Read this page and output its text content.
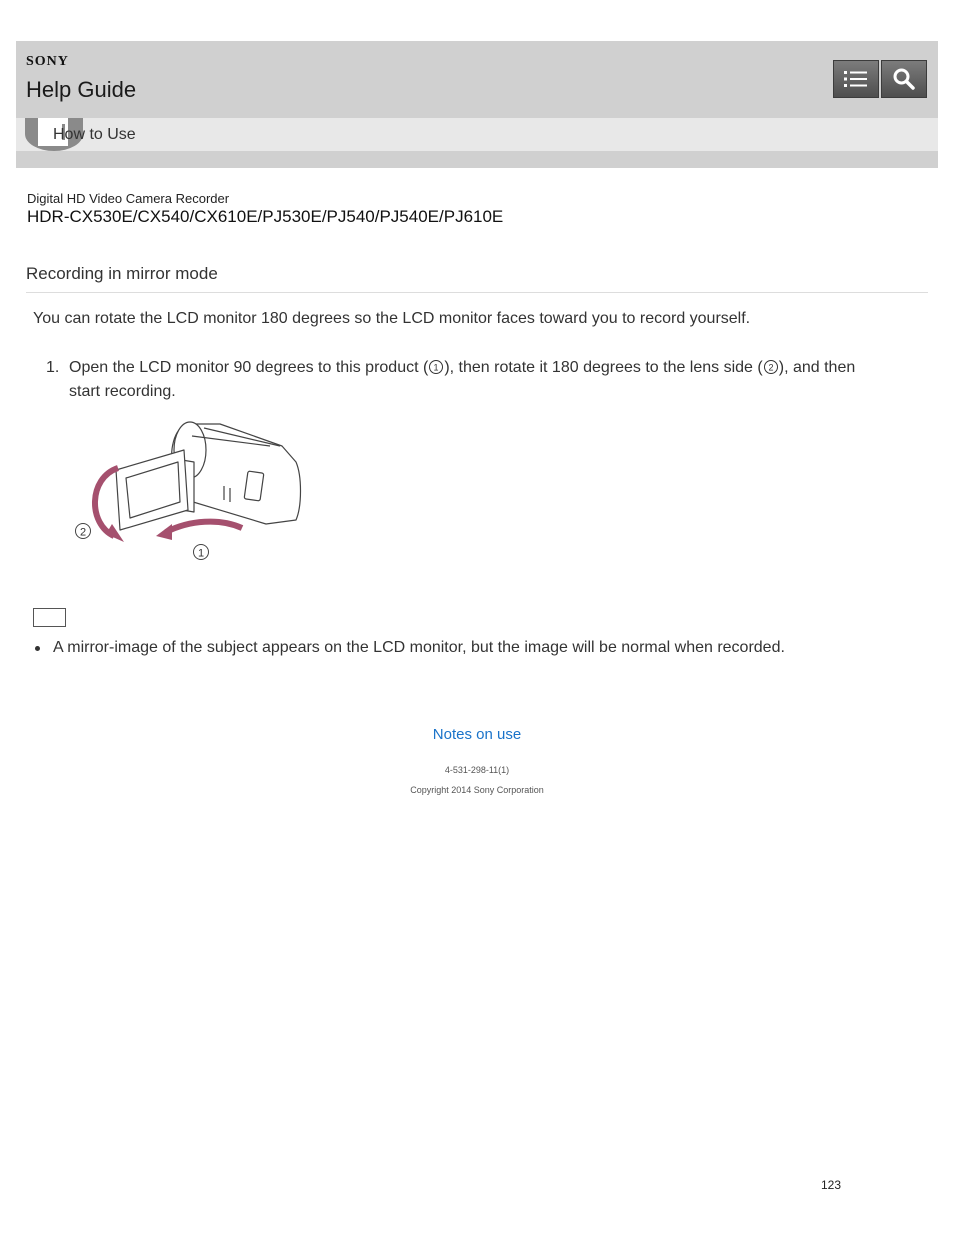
SONY
Help Guide
How to Use
Digital HD Video Camera Recorder
HDR-CX530E/CX540/CX610E/PJ530E/PJ540/PJ540E/PJ610E
Recording in mirror mode
You can rotate the LCD monitor 180 degrees so the LCD monitor faces toward you to record yourself.
1. Open the LCD monitor 90 degrees to this product ( 1 ), then rotate it 180 degrees to the lens side ( 2 ), and then
start recording.
2
1
A mirror-image of the subject appears on the LCD monitor, but the image will be normal when recorded.
Notes on use
4-531-298-11(1)
Copyright 2014 Sony Corporation
123
